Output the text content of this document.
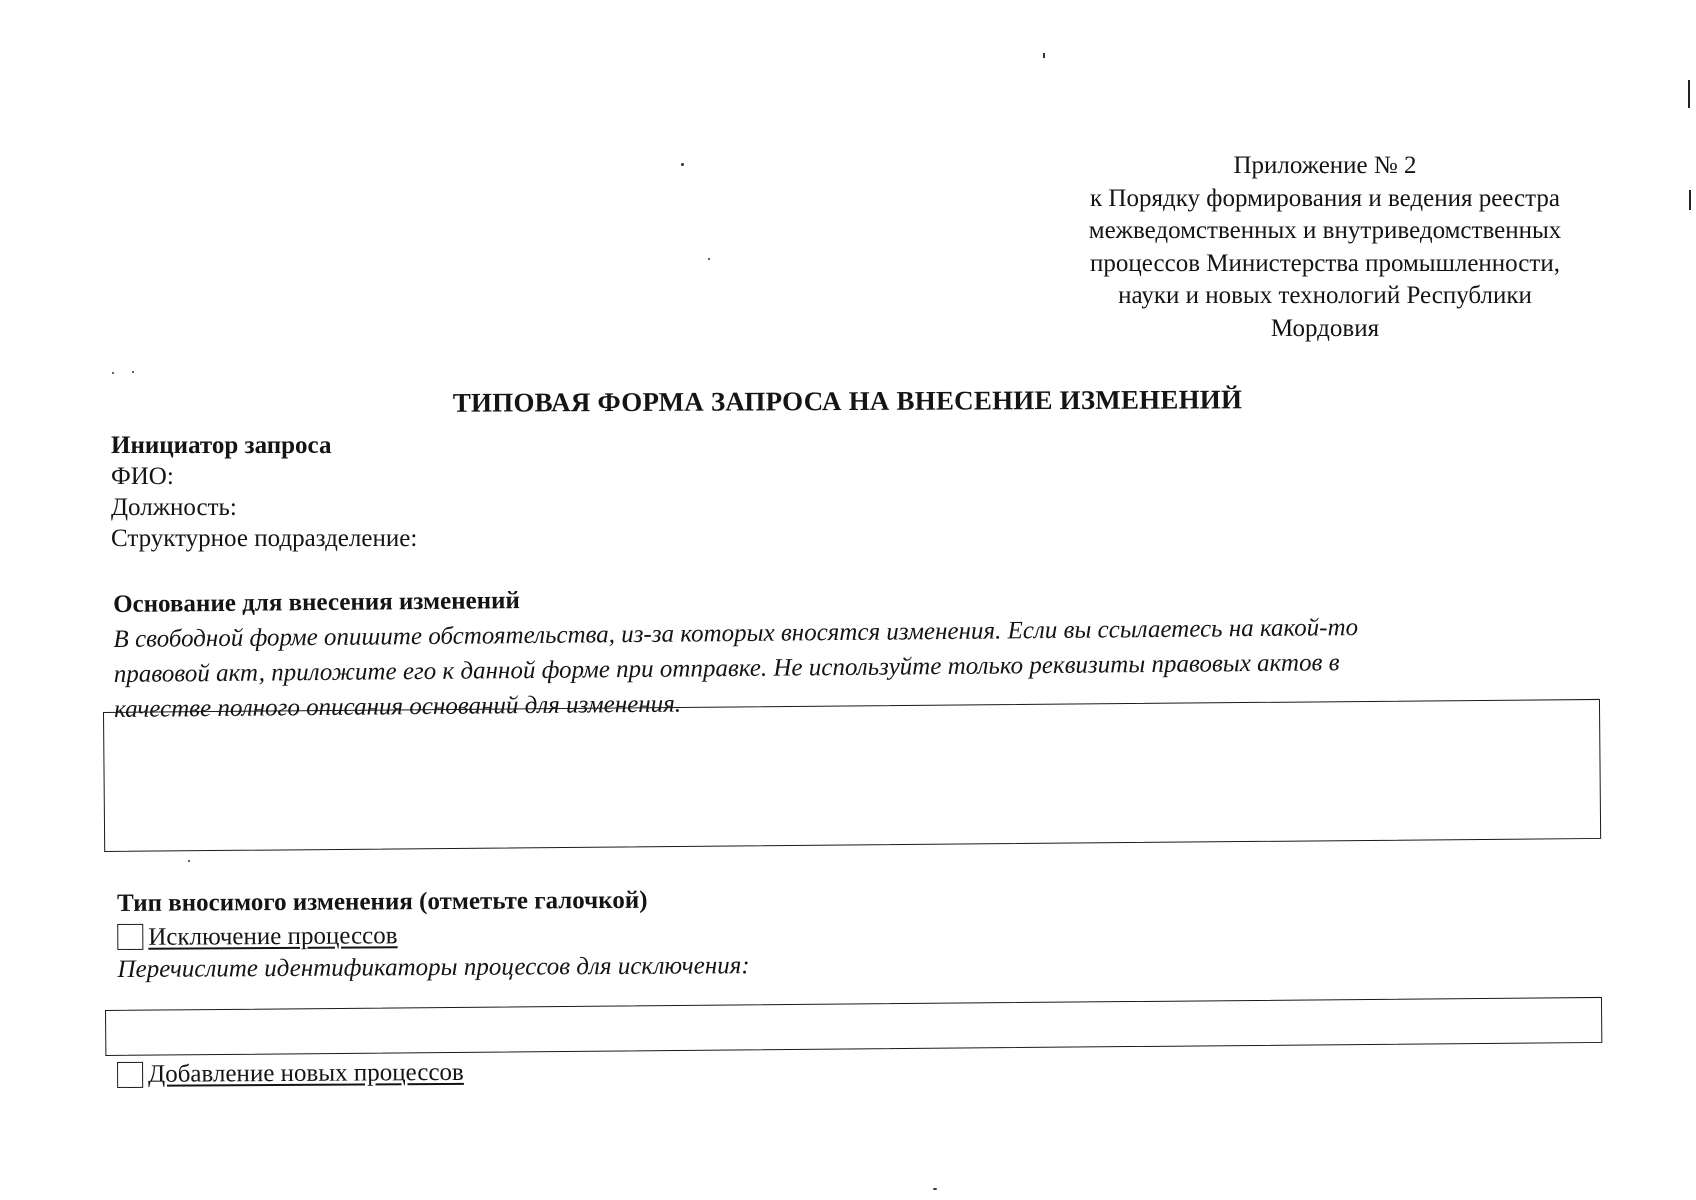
Приложение № 2
к Порядку формирования и ведения реестра
межведомственных и внутриведомственных
процессов Министерства промышленности,
науки и новых технологий Республики
Мордовия
ТИПОВАЯ ФОРМА ЗАПРОСА НА ВНЕСЕНИЕ ИЗМЕНЕНИЙ
Инициатор запроса
ФИО:
Должность:
Структурное подразделение:
Основание для внесения изменений
В свободной форме опишите обстоятельства, из-за которых вносятся изменения. Если вы ссылаетесь на какой-то
правовой акт, приложите его к данной форме при отправке. Не используйте только реквизиты правовых актов в
качестве полного описания оснований для изменения.
Тип вносимого изменения (отметьте галочкой)
Исключение процессов
Перечислите идентификаторы процессов для исключения:
Добавление новых процессов
